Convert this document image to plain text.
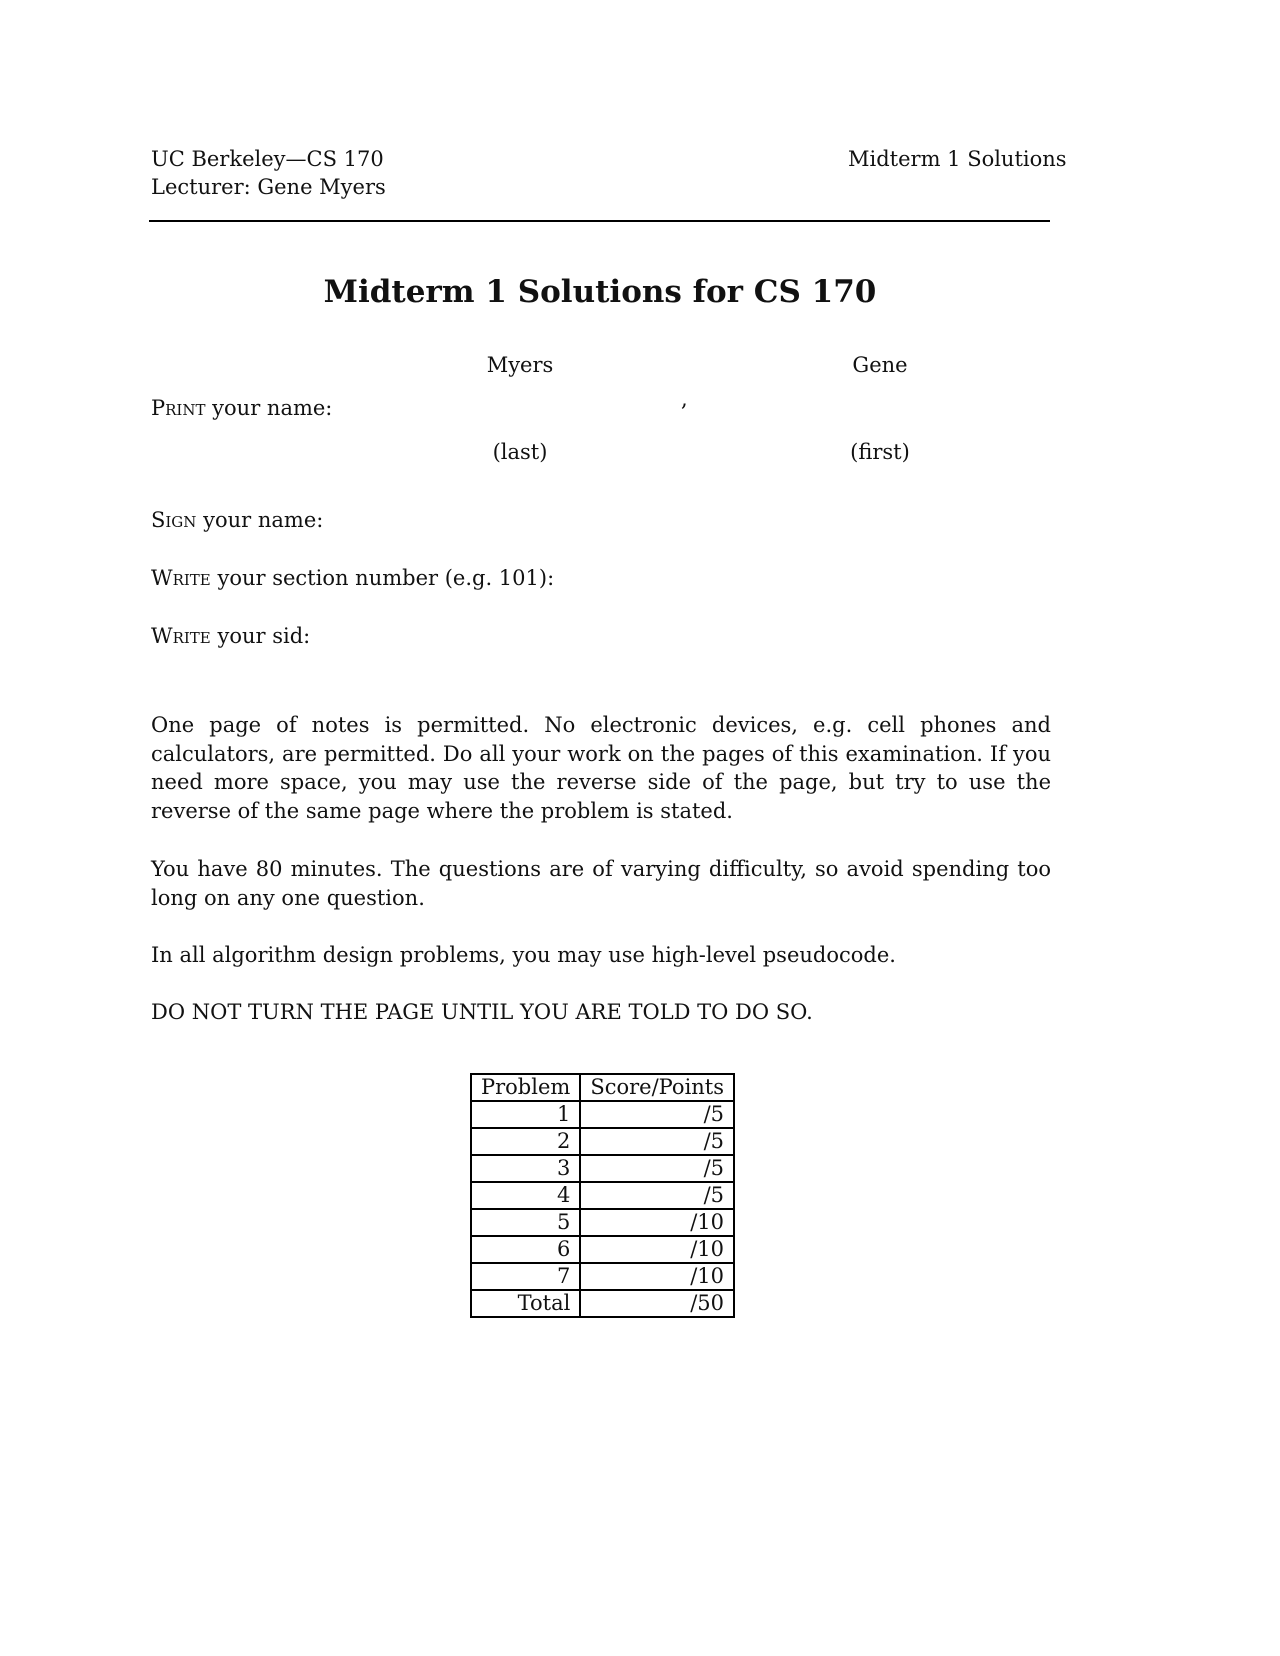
UC Berkeley—CS 170
Lecturer: Gene Myers
Midterm 1 Solutions
Midterm 1 Solutions for CS 170
Myers	Gene
,
Print your name:
(last)	(first)
Sign your name:
Write your section number (e.g. 101):
Write your sid:
One page of notes is permitted. No electronic devices, e.g. cell phones and calculators, are permitted. Do all your work on the pages of this examination. If you need more space, you may use the reverse side of the page, but try to use the reverse of the same page where the problem is stated.
You have 80 minutes. The questions are of varying difficulty, so avoid spending too long on any one question.
In all algorithm design problems, you may use high-level pseudocode.
DO NOT TURN THE PAGE UNTIL YOU ARE TOLD TO DO SO.
Problem	Score/Points
1	/5
2	/5
3	/5
4	/5
5	/10
6	/10
7	/10
Total	/50
